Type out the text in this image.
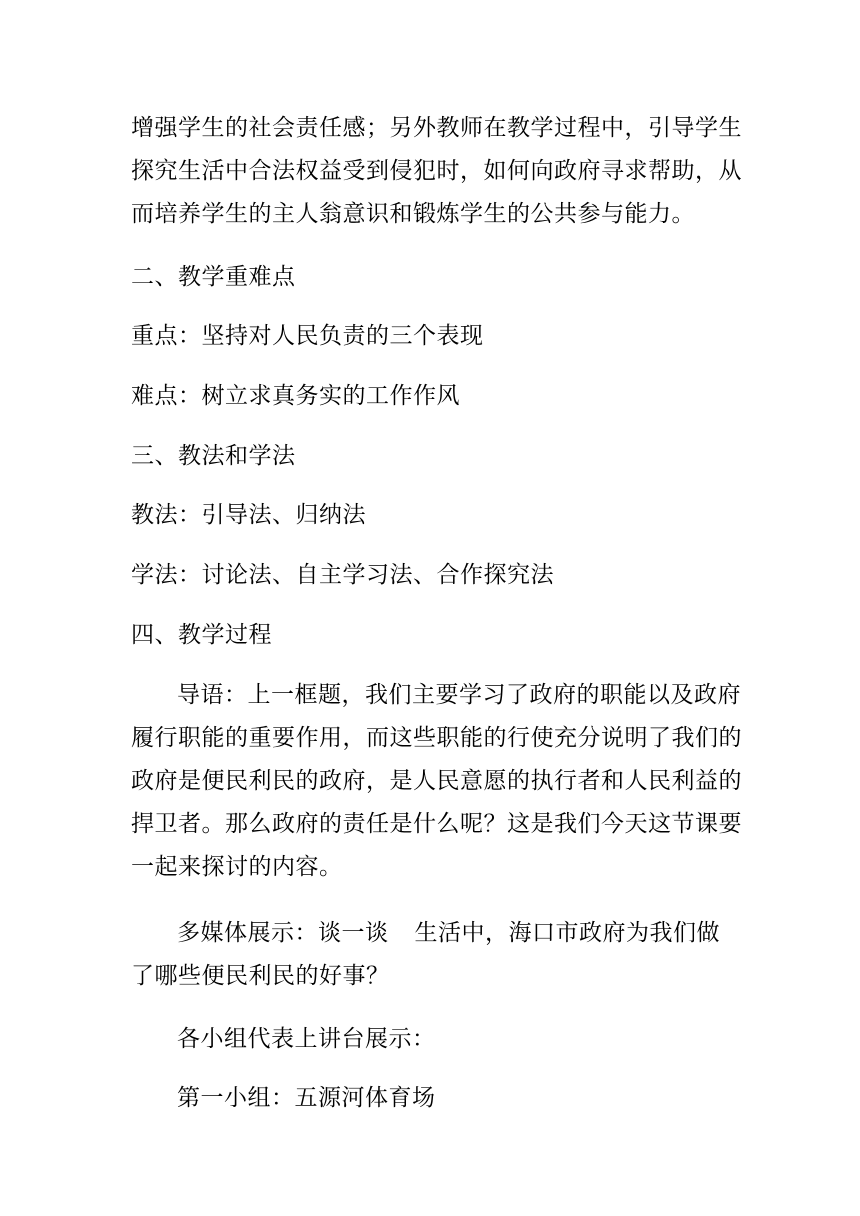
增强学生的社会责任感；另外教师在教学过程中，引导学生
探究生活中合法权益受到侵犯时，如何向政府寻求帮助，从
而培养学生的主人翁意识和锻炼学生的公共参与能力。
二、教学重难点
重点：坚持对人民负责的三个表现
难点：树立求真务实的工作作风
三、教法和学法
教法：引导法、归纳法
学法：讨论法、自主学习法、合作探究法
四、教学过程
导语：上一框题，我们主要学习了政府的职能以及政府
履行职能的重要作用，而这些职能的行使充分说明了我们的
政府是便民利民的政府，是人民意愿的执行者和人民利益的
捍卫者。那么政府的责任是什么呢？这是我们今天这节课要
一起来探讨的内容。
多媒体展示：谈一谈 生活中，海口市政府为我们做
了哪些便民利民的好事？
各小组代表上讲台展示：
第一小组：五源河体育场
